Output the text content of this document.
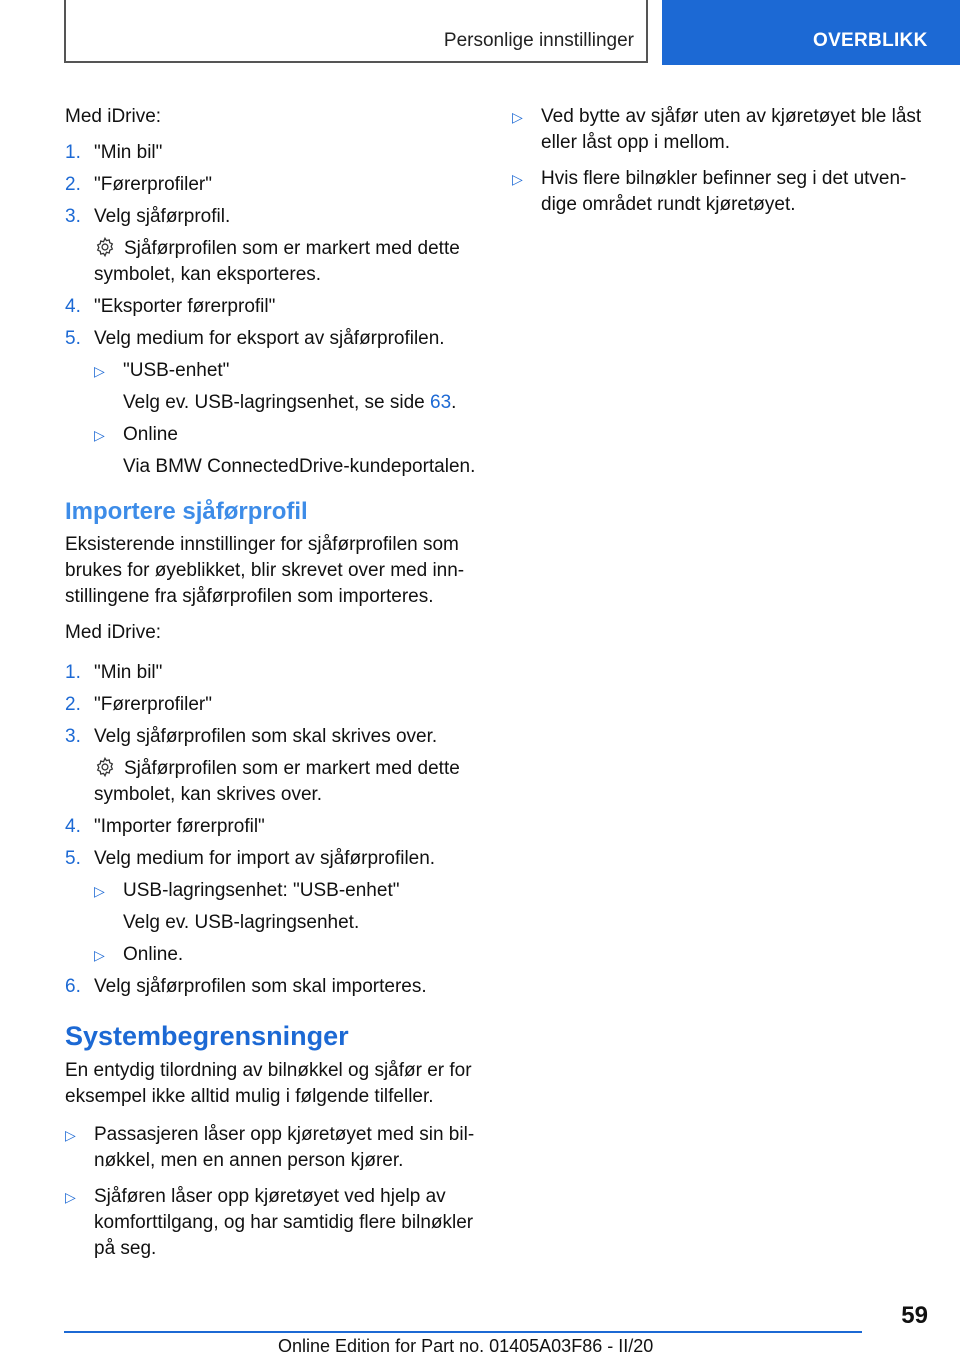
Personlige innstillinger	OVERBLIKK

Med iDrive:

1. "Min bil"
2. "Førerprofiler"
3. Velg sjåførprofil.
Sjåførprofilen som er markert med dette symbolet, kan eksporteres.
4. "Eksporter førerprofil"
5. Velg medium for eksport av sjåførprofilen.
▷ "USB-enhet"
Velg ev. USB-lagringsenhet, se side 63.
▷ Online
Via BMW ConnectedDrive-kundeportalen.
Importere sjåførprofil

Eksisterende innstillinger for sjåførprofilen som brukes for øyeblikket, blir skrevet over med inn-stillingene fra sjåførprofilen som importeres.

Med iDrive:

1. "Min bil"
2. "Førerprofiler"
3. Velg sjåførprofilen som skal skrives over.
Sjåførprofilen som er markert med dette symbolet, kan skrives over.
4. "Importer førerprofil"
5. Velg medium for import av sjåførprofilen.
▷ USB-lagringsenhet: "USB-enhet"
Velg ev. USB-lagringsenhet.
▷ Online.
6. Velg sjåførprofilen som skal importeres.
Systembegrensninger

En entydig tilordning av bilnøkkel og sjåfør er for eksempel ikke alltid mulig i følgende tilfeller.

▷ Passasjeren låser opp kjøretøyet med sin bil-nøkkel, men en annen person kjører.
▷ Sjåføren låser opp kjøretøyet ved hjelp av komforttilgang, og har samtidig flere bilnøkler på seg.
▷ Ved bytte av sjåfør uten av kjøretøyet ble låst eller låst opp i mellom.
▷ Hvis flere bilnøkler befinner seg i det utven-dige området rundt kjøretøyet.
59
Online Edition for Part no. 01405A03F86 - II/20
